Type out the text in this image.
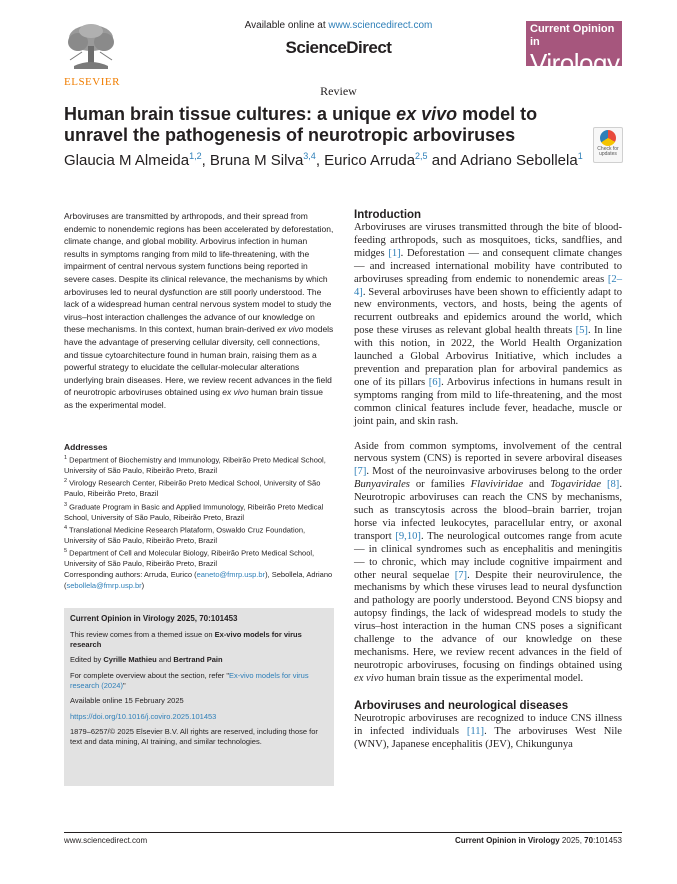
ELSEVIER
Available online at www.sciencedirect.com
ScienceDirect
Current Opinion in
Virology
Review
Human brain tissue cultures: a unique ex vivo model to unravel the pathogenesis of neurotropic arboviruses
Glaucia M Almeida$^{1,2}$, Bruna M Silva$^{3,4}$, Eurico Arruda$^{2,5}$ and Adriano Sebollela$^1$
Check for updates

Arboviruses are transmitted by arthropods, and their spread from endemic to nonendemic regions has been accelerated by deforestation, climate change, and global mobility. Arbovirus infection in human results in symptoms ranging from mild to life-threatening, with the impairment of central nervous system functions being reported in severe cases. Despite its clinical relevance, the mechanisms by which arboviruses led to neural dysfunction are still poorly understood. The lack of a widespread human central nervous system model to study the virus–host interaction challenges the advance of our knowledge on these mechanisms. In this context, human brain-derived ex vivo models have the advantage of preserving cellular diversity, cell connections, and tissue cytoarchitecture found in human brain, raising them as a powerful strategy to elucidate the cellular-molecular alterations underlying brain diseases. Here, we review recent advances in the field of neurotropic arboviruses obtained using ex vivo human brain tissue as the experimental model.

Addresses

$^1$ Department of Biochemistry and Immunology, Ribeirão Preto Medical School, University of São Paulo, Ribeirão Preto, Brazil

$^2$ Virology Research Center, Ribeirão Preto Medical School, University of São Paulo, Ribeirão Preto, Brazil

$^3$ Graduate Program in Basic and Applied Immunology, Ribeirão Preto Medical School, University of São Paulo, Ribeirão Preto, Brazil

$^4$ Translational Medicine Research Plataform, Oswaldo Cruz Foundation, University of São Paulo, Ribeirão Preto, Brazil

$^5$ Department of Cell and Molecular Biology, Ribeirão Preto Medical School, University of São Paulo, Ribeirão Preto, Brazil

Corresponding authors: Arruda, Eurico (eaneto@fmrp.usp.br), Sebollela, Adriano (sebollela@fmrp.usp.br)

Current Opinion in Virology 2025, 70:101453

This review comes from a themed issue on Ex-vivo models for virus research

Edited by Cyrille Mathieu and Bertrand Pain

For complete overview about the section, refer "Ex-vivo models for virus research (2024)"

Available online 15 February 2025

https://doi.org/10.1016/j.coviro.2025.101453

1879–6257/© 2025 Elsevier B.V. All rights are reserved, including those for text and data mining, AI training, and similar technologies.

Introduction

Arboviruses are viruses transmitted through the bite of blood-feeding arthropods, such as mosquitoes, ticks, sandflies, and midges [1]. Deforestation — and consequent climate changes — and increased international mobility have contributed to arboviruses spreading from endemic to nonendemic areas [2–4]. Several arboviruses have been shown to efficiently adapt to new environments, vectors, and hosts, being the agents of recurrent outbreaks and epidemics around the world, which pose these viruses as relevant global health threats [5]. In line with this notion, in 2022, the World Health Organization launched a Global Arbovirus Initiative, which includes a prevention and preparation plan for arboviral pandemics as one of its pillars [6]. Arbovirus infections in humans result in symptoms ranging from mild to life-threatening, and the most common clinical features include fever, headache, muscle or joint pain, and skin rash.

Aside from common symptoms, involvement of the central nervous system (CNS) is reported in severe arboviral diseases [7]. Most of the neuroinvasive arboviruses belong to the order Bunyavirales or families Flaviviridae and Togaviridae [8]. Neurotropic arboviruses can reach the CNS by mechanisms, such as transcytosis across the blood–brain barrier, trojan horse via infected leukocytes, paracellular entry, or axonal transport [9,10]. The neurological outcomes range from acute — in clinical syndromes such as encephalitis and meningitis — to chronic, which may include cognitive impairment and other neural sequelae [7]. Despite their neurovirulence, the mechanisms by which these viruses lead to neural dysfunction and pathology are poorly understood. Beyond CNS biopsy and autopsy findings, the lack of widespread models to study the virus–host interaction in the human CNS poses a significant challenge to the advance of our knowledge on these mechanisms. Here, we review recent advances in the field of neurotropic arboviruses, focusing on findings obtained using ex vivo human brain tissue as the experimental model.

Arboviruses and neurological diseases

Neurotropic arboviruses are recognized to induce CNS illness in infected individuals [11]. The arboviruses West Nile (WNV), Japanese encephalitis (JEV), Chikungunya

www.sciencedirect.com	Current Opinion in Virology 2025, 70:101453
